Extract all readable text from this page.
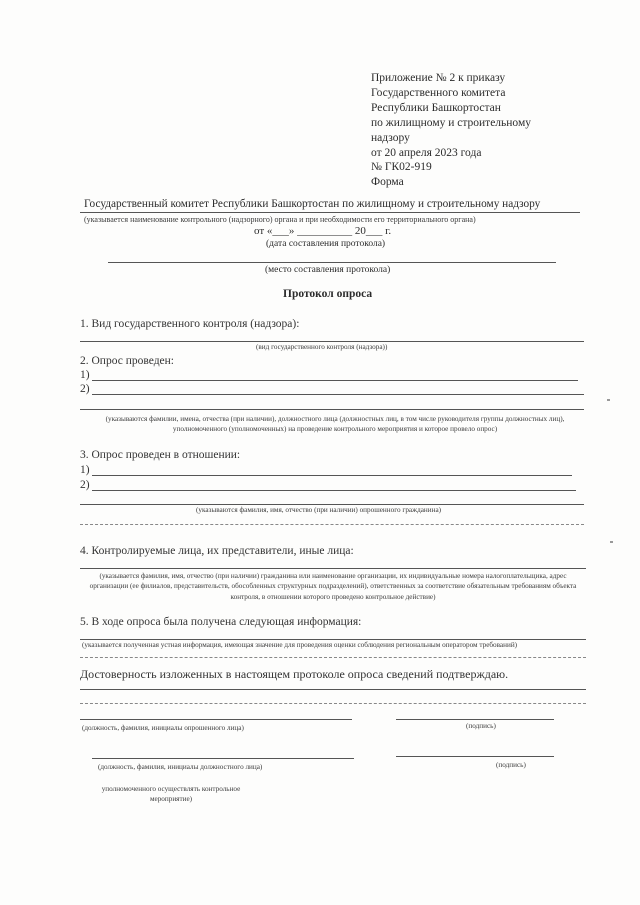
Приложение № 2 к приказу
Государственного комитета
Республики Башкортостан
по жилищному и строительному
надзору
от 20 апреля 2023 года
№ ГК02-919
Форма
Государственный комитет Республики Башкортостан по жилищному и строительному надзору
(указывается наименование контрольного (надзорного) органа и при необходимости его территориального органа)
от «___» __________ 20___ г.
(дата составления протокола)
(место составления протокола)
Протокол опроса
1. Вид государственного контроля (надзора):
(вид государственного контроля (надзора))
2. Опрос проведен:
1)
2)
(указываются фамилии, имена, отчества (при наличии), должностного лица (должностных лиц, в том числе руководителя группы должностных лиц), уполномоченного (уполномоченных) на проведение контрольного мероприятия и которое провело опрос)
3. Опрос проведен в отношении:
1)
2)
(указываются фамилия, имя, отчество (при наличии) опрошенного гражданина)
4. Контролируемые лица, их представители, иные лица:
(указывается фамилия, имя, отчество (при наличии) гражданина или наименование организации, их индивидуальные номера налогоплательщика, адрес организации (ее филиалов, представительств, обособленных структурных подразделений), ответственных за соответствие обязательным требованиям объекта контроля, в отношении которого проведено контрольное действие)
5. В ходе опроса была получена следующая информация:
(указывается полученная устная информация, имеющая значение для проведения оценки соблюдения региональным оператором требований)
Достоверность изложенных в настоящем протоколе опроса сведений подтверждаю.
(должность, фамилия, инициалы опрошенного лица)	(подпись)
(должность, фамилия, инициалы должностного лица)	(подпись)
уполномоченного осуществлять контрольное мероприятие)
